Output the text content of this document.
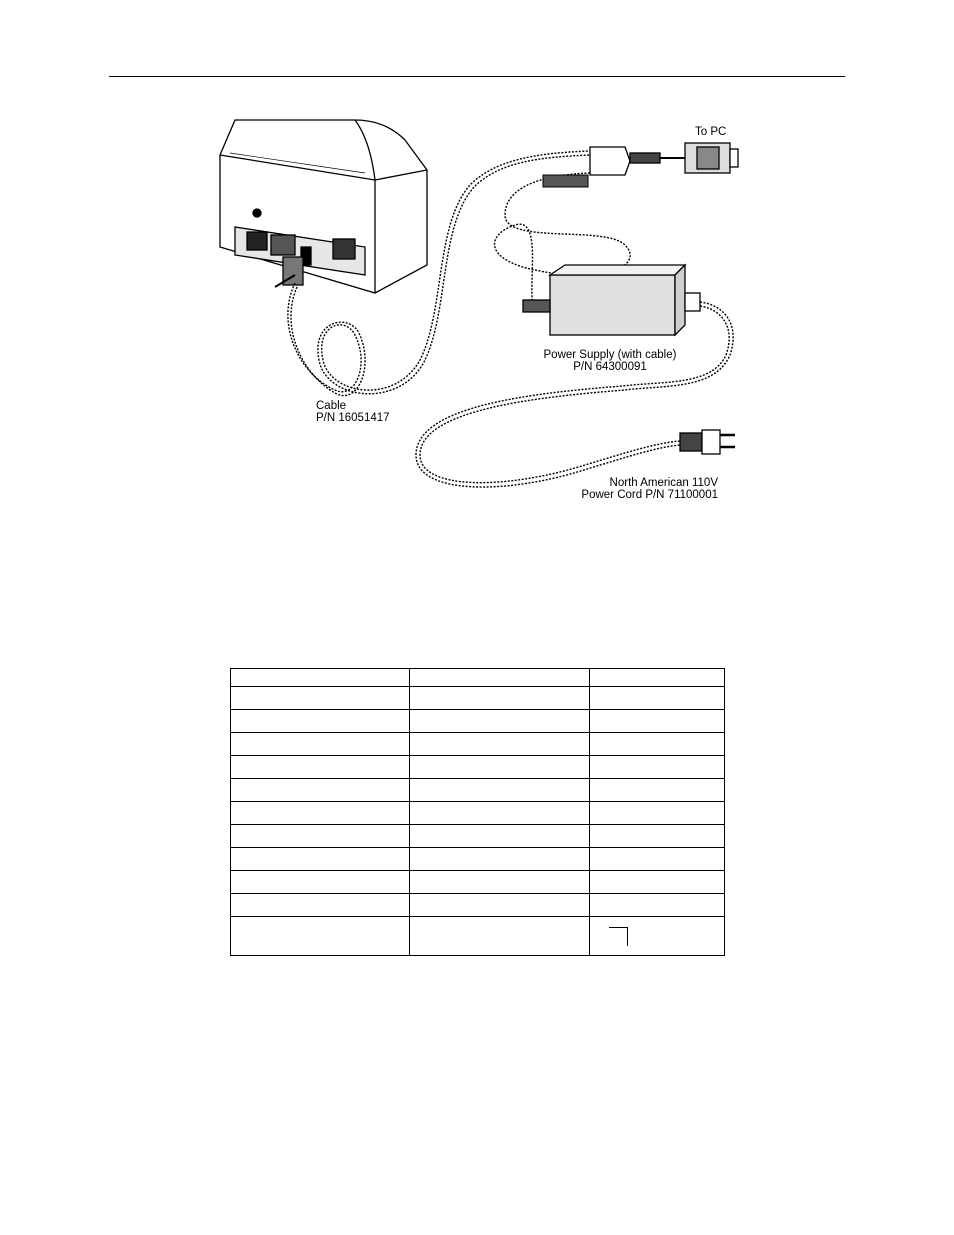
To PC
Power Supply (with cable)
P/N 64300091
Cable
P/N 16051417
North American 110V
Power Cord P/N 71100001
